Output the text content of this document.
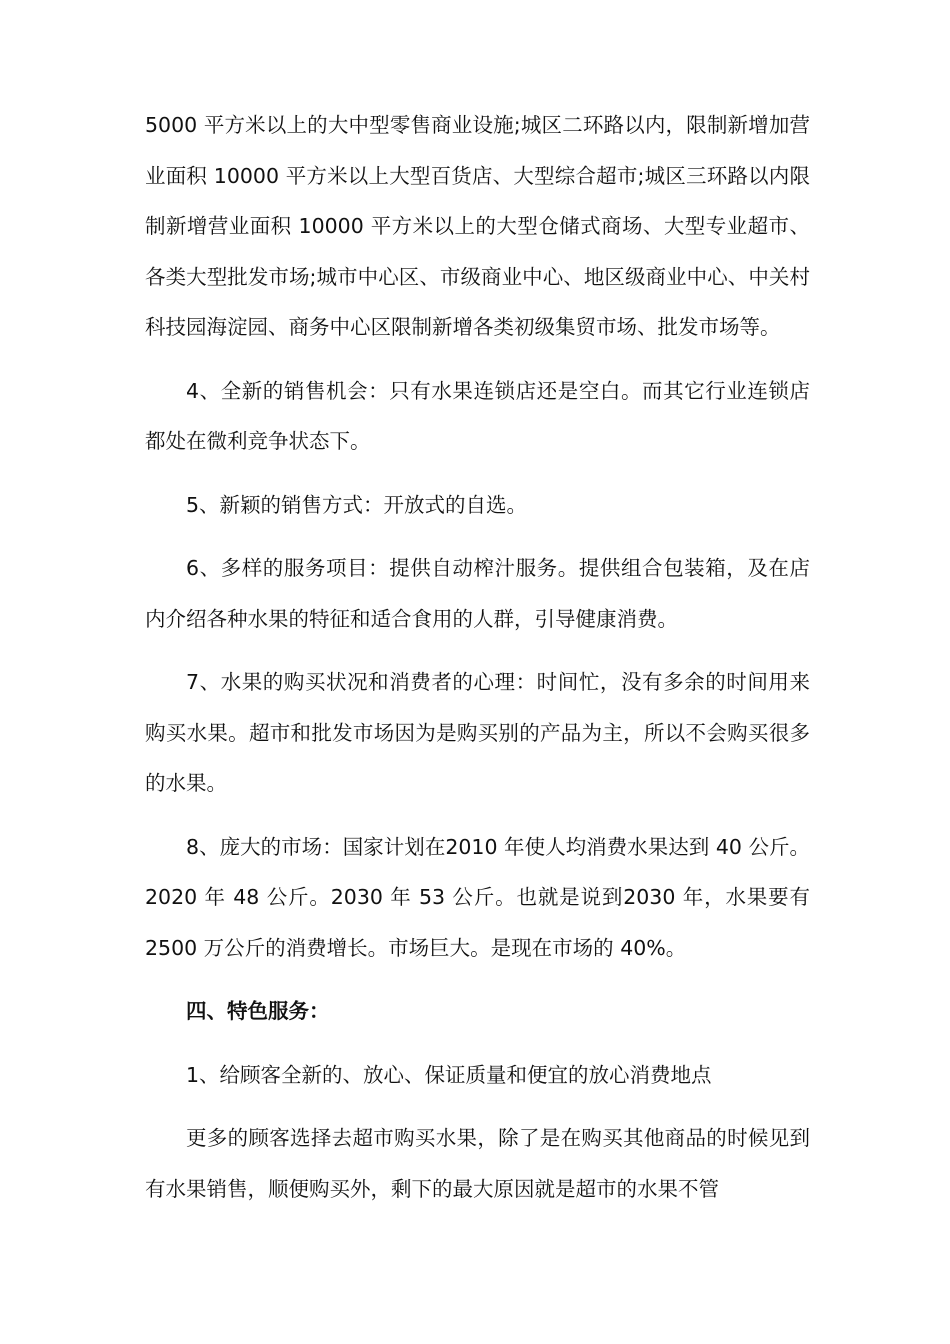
5000 平方米以上的大中型零售商业设施;城区二环路以内，限制新增加营业面积 10000 平方米以上大型百货店、大型综合超市;城区三环路以内限制新增营业面积 10000 平方米以上的大型仓储式商场、大型专业超市、各类大型批发市场;城市中心区、市级商业中心、地区级商业中心、中关村科技园海淀园、商务中心区限制新增各类初级集贸市场、批发市场等。

4、全新的销售机会：只有水果连锁店还是空白。而其它行业连锁店都处在微利竞争状态下。

5、新颖的销售方式：开放式的自选。

6、多样的服务项目：提供自动榨汁服务。提供组合包装箱，及在店内介绍各种水果的特征和适合食用的人群，引导健康消费。

7、水果的购买状况和消费者的心理：时间忙，没有多余的时间用来购买水果。超市和批发市场因为是购买别的产品为主，所以不会购买很多的水果。

8、庞大的市场：国家计划在2010 年使人均消费水果达到 40 公斤。2020 年 48 公斤。2030 年 53 公斤。也就是说到2030 年，水果要有 2500 万公斤的消费增长。市场巨大。是现在市场的 40%。

四、特色服务：

1、给顾客全新的、放心、保证质量和便宜的放心消费地点

更多的顾客选择去超市购买水果，除了是在购买其他商品的时候见到有水果销售，顺便购买外，剩下的最大原因就是超市的水果不管
